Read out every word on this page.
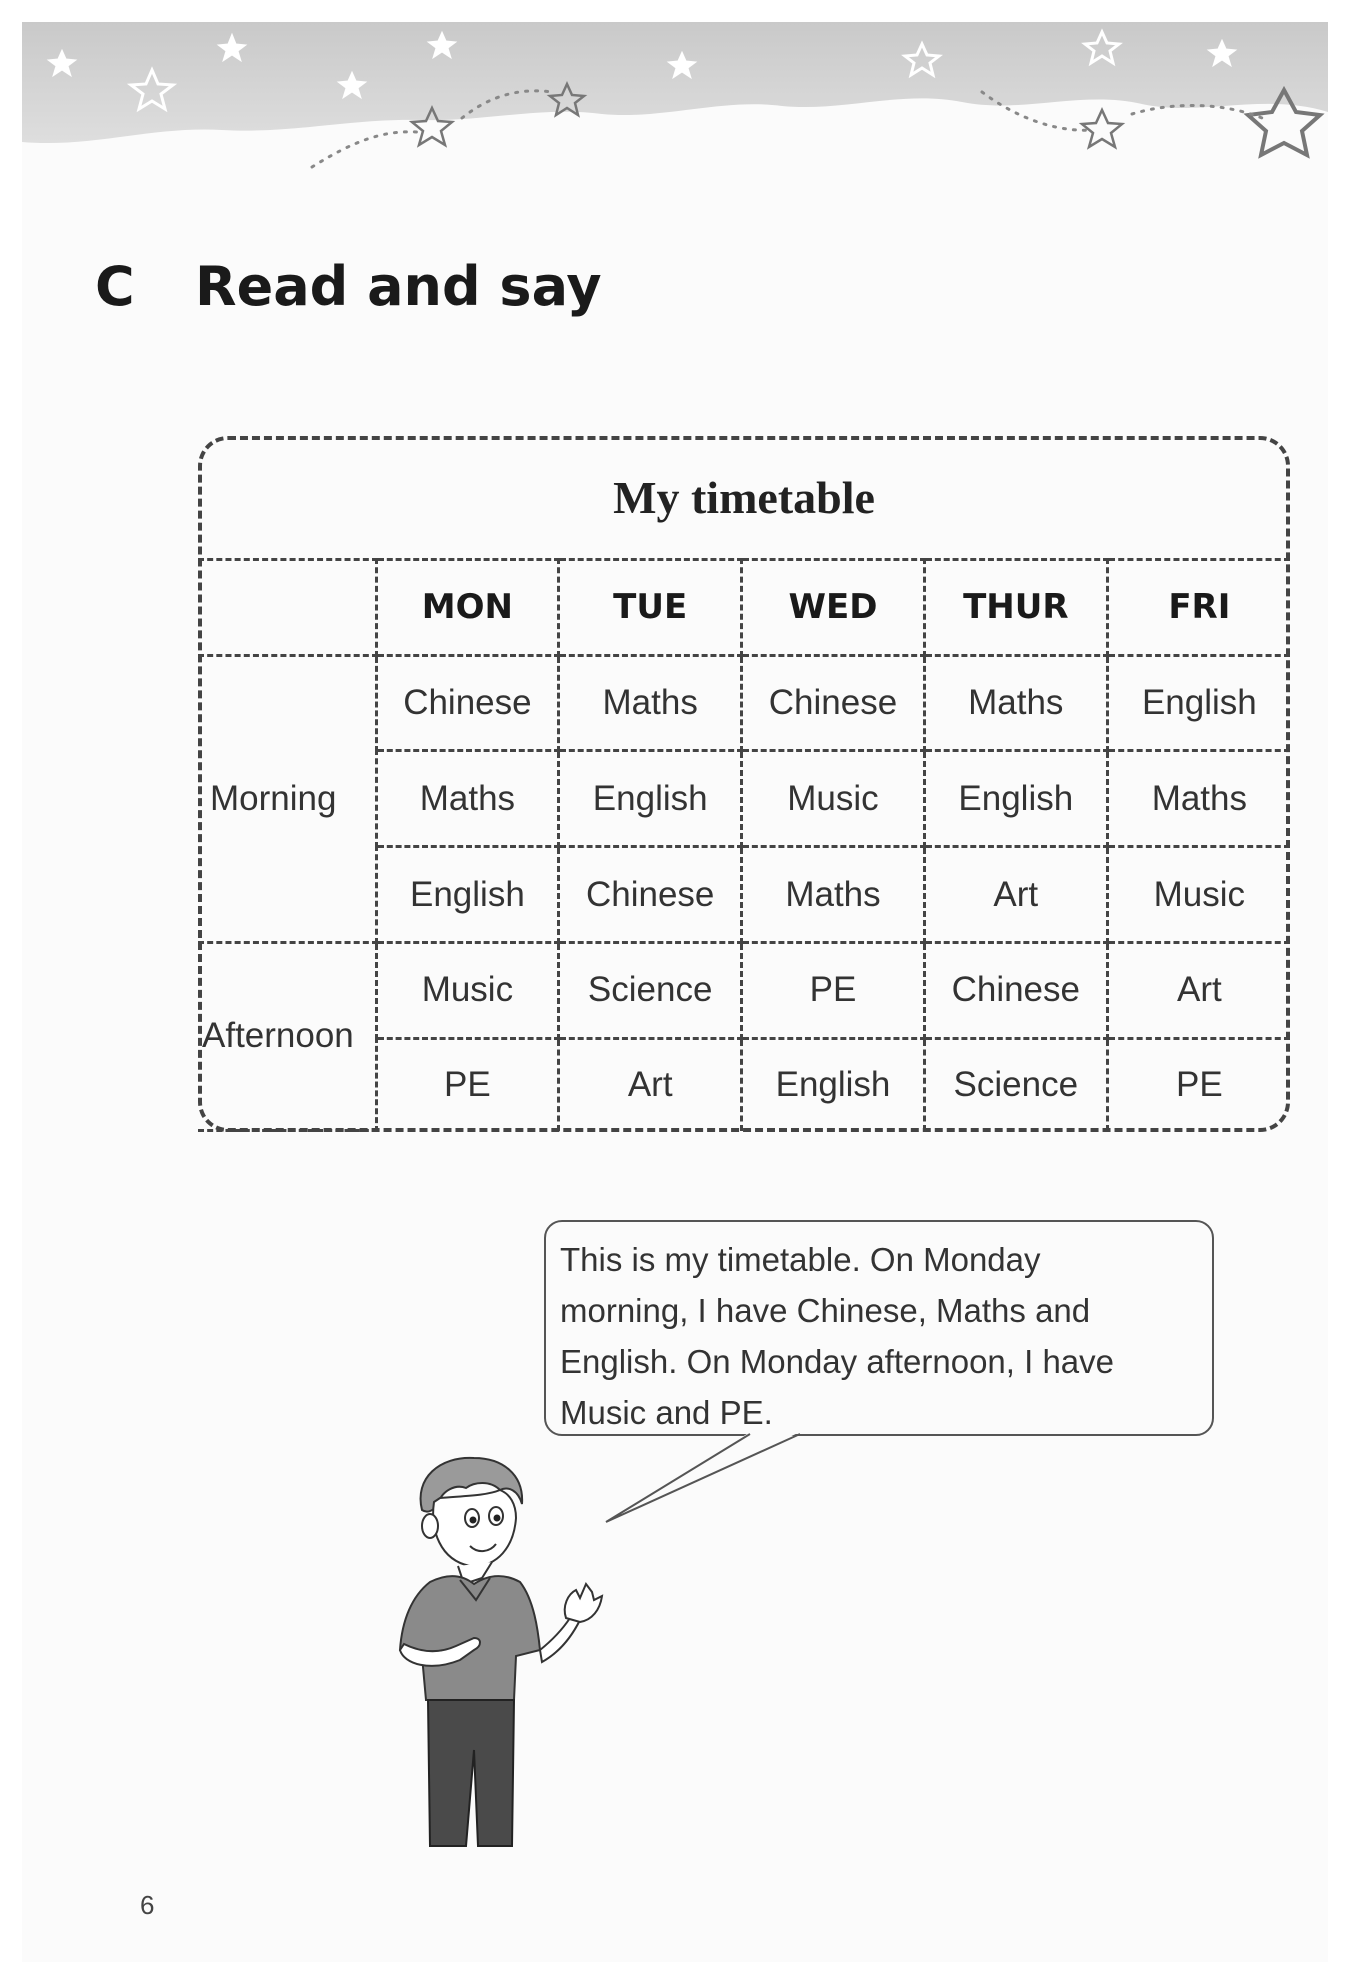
C Read and say
My timetable
	MON	TUE	WED	THUR	FRI
Morning	Chinese	Maths	Chinese	Maths	English
	Maths	English	Music	English	Maths
	English	Chinese	Maths	Art	Music
Afternoon	Music	Science	PE	Chinese	Art
	PE	Art	English	Science	PE
This is my timetable. On Monday
morning, I have Chinese, Maths and
English. On Monday afternoon, I have
Music and PE.
6
